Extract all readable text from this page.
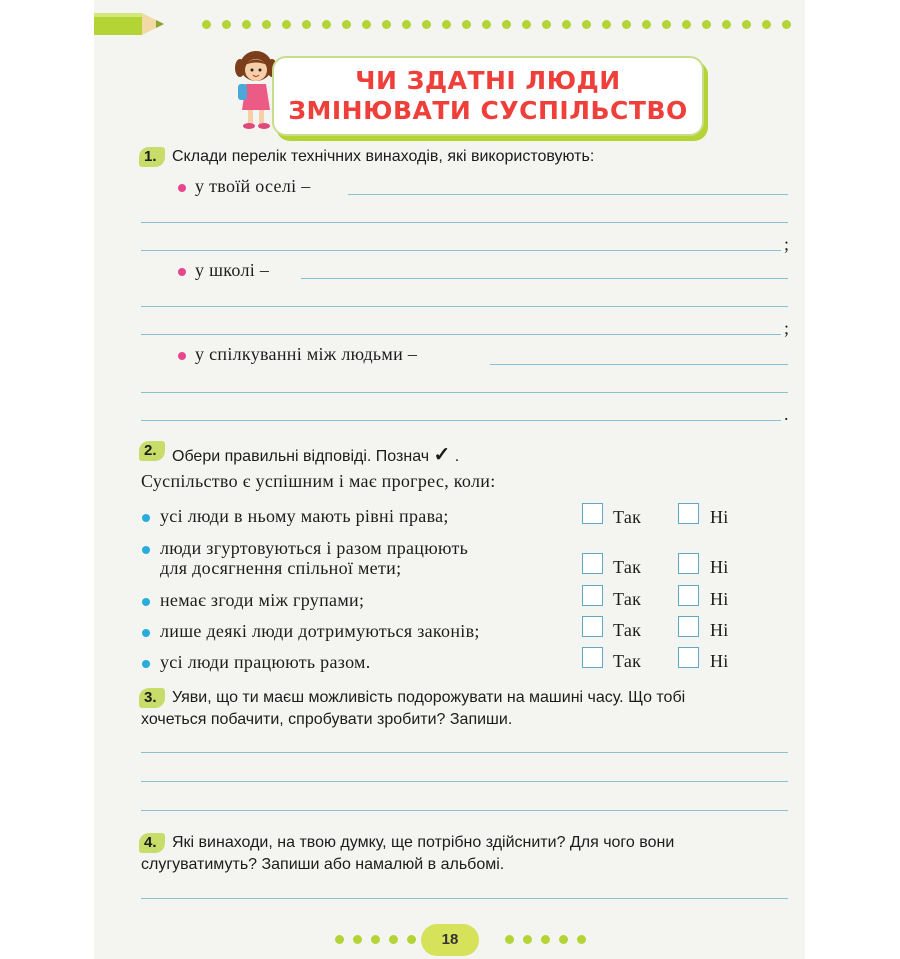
ЧИ ЗДАТНІ ЛЮДИ
ЗМІНЮВАТИ СУСПІЛЬСТВО
1. Склади перелік технічних винаходів, які використовують:
у твоїй оселі –
;
у школі –
;
у спілкуванні між людьми –
.
2. Обери правильні відповіді. Познач ✓ .
Суспільство є успішним і має прогрес, коли:
усі люди в ньому мають рівні права;	Так	Ні
люди згуртовуються і разом працюють
для досягнення спільної мети;	Так	Ні
немає згоди між групами;	Так	Ні
лише деякі люди дотримуються законів;	Так	Ні
усі люди працюють разом.	Так	Ні
3. Уяви, що ти маєш можливість подорожувати на машині часу. Що тобі
хочеться побачити, спробувати зробити? Запиши.
4. Які винаходи, на твою думку, ще потрібно здійснити? Для чого вони
слугуватимуть? Запиши або намалюй в альбомі.
18
